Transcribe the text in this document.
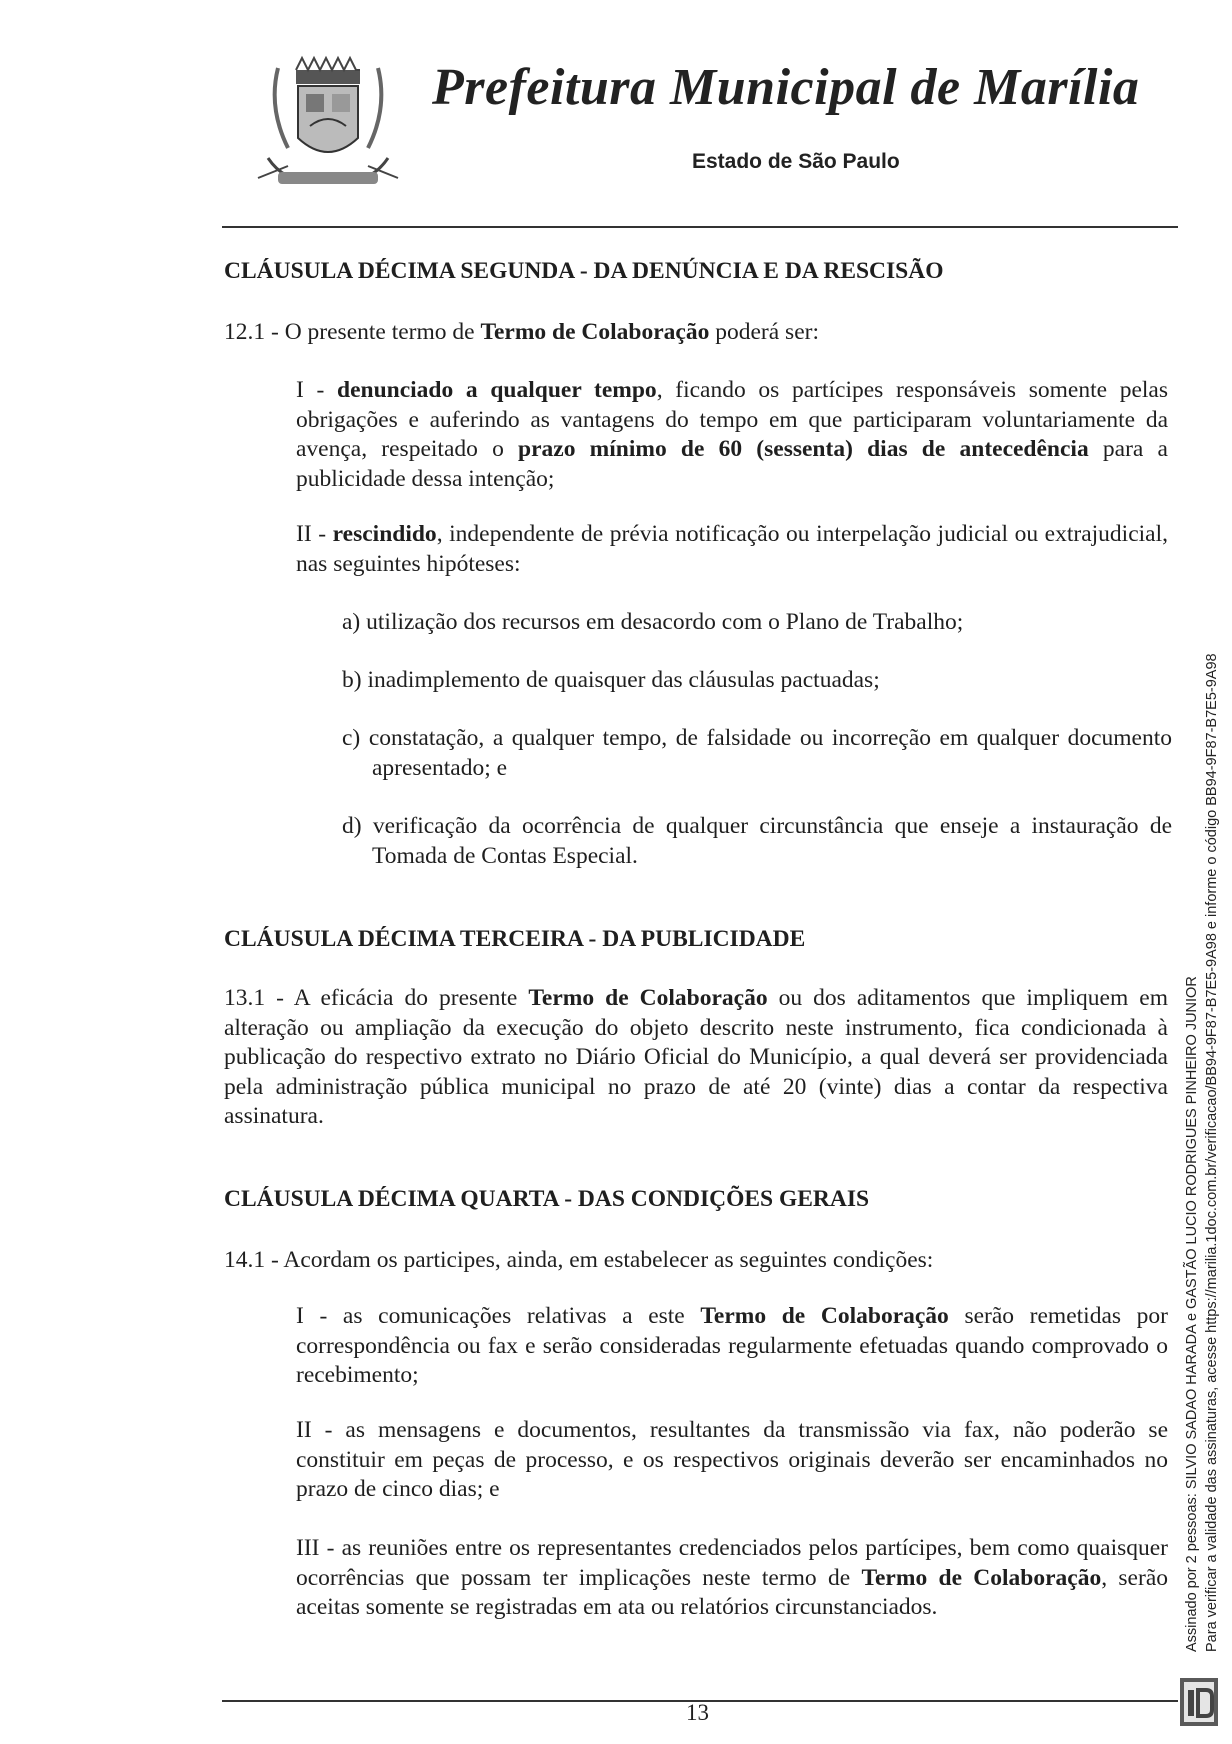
Prefeitura Municipal de Marília
Estado de São Paulo
CLÁUSULA DÉCIMA SEGUNDA - DA DENÚNCIA E DA RESCISÃO
12.1 - O presente termo de Termo de Colaboração poderá ser:
I - denunciado a qualquer tempo, ficando os partícipes responsáveis somente pelas obrigações e auferindo as vantagens do tempo em que participaram voluntariamente da avença, respeitado o prazo mínimo de 60 (sessenta) dias de antecedência para a publicidade dessa intenção;
II - rescindido, independente de prévia notificação ou interpelação judicial ou extrajudicial, nas seguintes hipóteses:
a) utilização dos recursos em desacordo com o Plano de Trabalho;
b) inadimplemento de quaisquer das cláusulas pactuadas;
c) constatação, a qualquer tempo, de falsidade ou incorreção em qualquer documento apresentado; e
d) verificação da ocorrência de qualquer circunstância que enseje a instauração de Tomada de Contas Especial.
CLÁUSULA DÉCIMA TERCEIRA - DA PUBLICIDADE
13.1 - A eficácia do presente Termo de Colaboração ou dos aditamentos que impliquem em alteração ou ampliação da execução do objeto descrito neste instrumento, fica condicionada à publicação do respectivo extrato no Diário Oficial do Município, a qual deverá ser providenciada pela administração pública municipal no prazo de até 20 (vinte) dias a contar da respectiva assinatura.
CLÁUSULA DÉCIMA QUARTA - DAS CONDIÇÕES GERAIS
14.1 - Acordam os participes, ainda, em estabelecer as seguintes condições:
I - as comunicações relativas a este Termo de Colaboração serão remetidas por correspondência ou fax e serão consideradas regularmente efetuadas quando comprovado o recebimento;
II - as mensagens e documentos, resultantes da transmissão via fax, não poderão se constituir em peças de processo, e os respectivos originais deverão ser encaminhados no prazo de cinco dias; e
III - as reuniões entre os representantes credenciados pelos partícipes, bem como quaisquer ocorrências que possam ter implicações neste termo de Termo de Colaboração, serão aceitas somente se registradas em ata ou relatórios circunstanciados.
13
Assinado por 2 pessoas: SILVIO SADAO HARADA e GASTÃO LUCIO RODRIGUES PINHEIRO JUNIOR Para verificar a validade das assinaturas, acesse https://marilia.1doc.com.br/verificacao/BB94-9F87-B7E5-9A98 e informe o código BB94-9F87-B7E5-9A98
